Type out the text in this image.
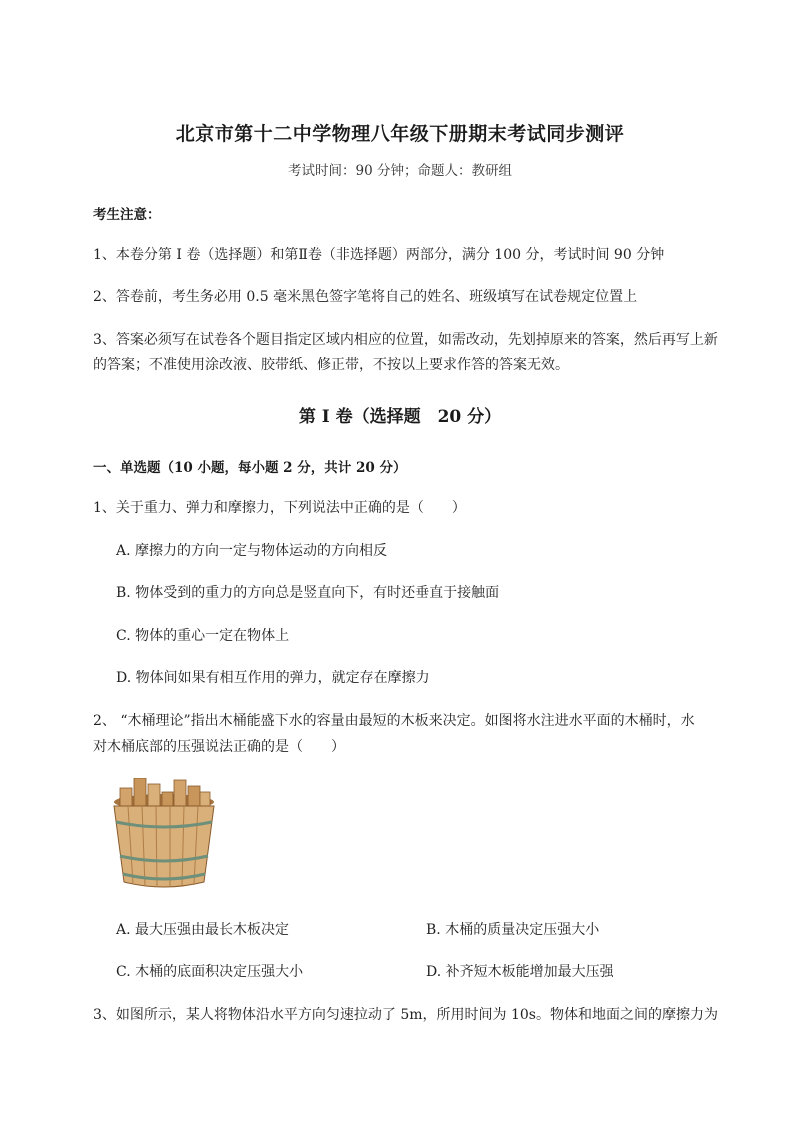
北京市第十二中学物理八年级下册期末考试同步测评
考试时间：90 分钟；命题人：教研组
考生注意：
1、本卷分第 I 卷（选择题）和第Ⅱ卷（非选择题）两部分，满分 100 分，考试时间 90 分钟
2、答卷前，考生务必用 0.5 毫米黑色签字笔将自己的姓名、班级填写在试卷规定位置上
3、答案必须写在试卷各个题目指定区域内相应的位置，如需改动，先划掉原来的答案，然后再写上新
的答案；不准使用涂改液、胶带纸、修正带，不按以上要求作答的答案无效。
第 I 卷（选择题　20 分）
一、单选题（10 小题，每小题 2 分，共计 20 分）
1、关于重力、弹力和摩擦力，下列说法中正确的是（　　）
A. 摩擦力的方向一定与物体运动的方向相反
B. 物体受到的重力的方向总是竖直向下，有时还垂直于接触面
C. 物体的重心一定在物体上
D. 物体间如果有相互作用的弹力，就定存在摩擦力
2、 “木桶理论”指出木桶能盛下水的容量由最短的木板来决定。如图将水注进水平面的木桶时，水
对木桶底部的压强说法正确的是（　　）
A. 最大压强由最长木板决定	B. 木桶的质量决定压强大小
C. 木桶的底面积决定压强大小	D. 补齐短木板能增加最大压强
3、如图所示，某人将物体沿水平方向匀速拉动了 5m，所用时间为 10s。物体和地面之间的摩擦力为
